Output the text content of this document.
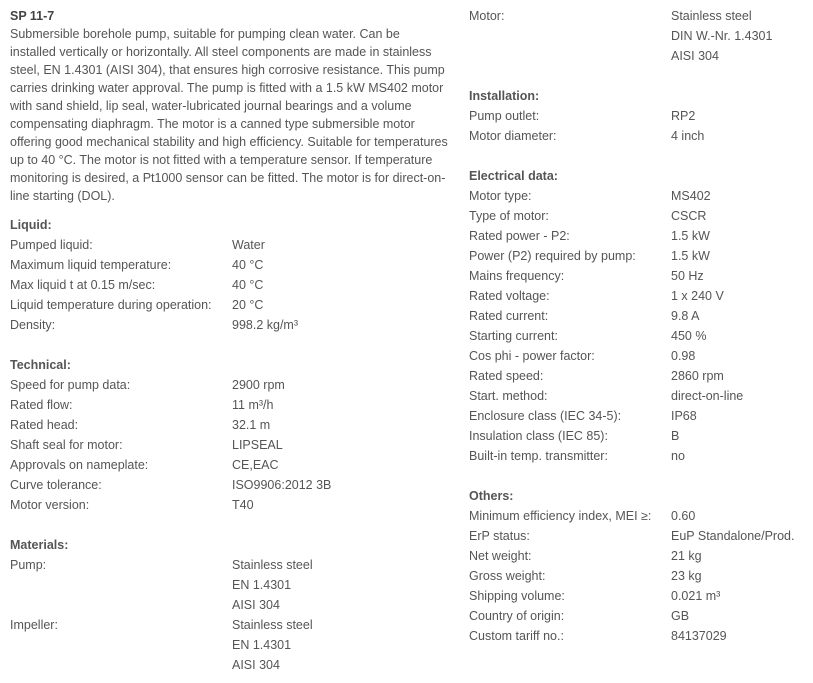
SP 11-7

Submersible borehole pump, suitable for pumping clean water. Can be installed vertically or horizontally. All steel components are made in stainless steel, EN 1.4301 (AISI 304), that ensures high corrosive resistance. This pump carries drinking water approval. The pump is fitted with a 1.5 kW MS402 motor with sand shield, lip seal, water-lubricated journal bearings and a volume compensating diaphragm. The motor is a canned type submersible motor offering good mechanical stability and high efficiency. Suitable for temperatures up to 40 °C. The motor is not fitted with a temperature sensor. If temperature monitoring is desired, a Pt1000 sensor can be fitted. The motor is for direct-on-line starting (DOL).

Liquid:
Pumped liquid:	Water
Maximum liquid temperature:	40 °C
Max liquid t at 0.15 m/sec:	40 °C
Liquid temperature during operation:	20 °C
Density:	998.2 kg/m³
Technical:
Speed for pump data:	2900 rpm
Rated flow:	11 m³/h
Rated head:	32.1 m
Shaft seal for motor:	LIPSEAL
Approvals on nameplate:	CE,EAC
Curve tolerance:	ISO9906:2012 3B
Motor version:	T40
Materials:
Pump:	Stainless steel
EN 1.4301
AISI 304
Impeller:	Stainless steel
EN 1.4301
AISI 304
Motor:	Stainless steel
DIN W.-Nr. 1.4301
AISI 304
Installation:
Pump outlet:	RP2
Motor diameter:	4 inch
Electrical data:
Motor type:	MS402
Type of motor:	CSCR
Rated power - P2:	1.5 kW
Power (P2) required by pump:	1.5 kW
Mains frequency:	50 Hz
Rated voltage:	1 x 240 V
Rated current:	9.8 A
Starting current:	450 %
Cos phi - power factor:	0.98
Rated speed:	2860 rpm
Start. method:	direct-on-line
Enclosure class (IEC 34-5):	IP68
Insulation class (IEC 85):	B
Built-in temp. transmitter:	no
Others:
Minimum efficiency index, MEI ≥:	0.60
ErP status:	EuP Standalone/Prod.
Net weight:	21 kg
Gross weight:	23 kg
Shipping volume:	0.021 m³
Country of origin:	GB
Custom tariff no.:	84137029
